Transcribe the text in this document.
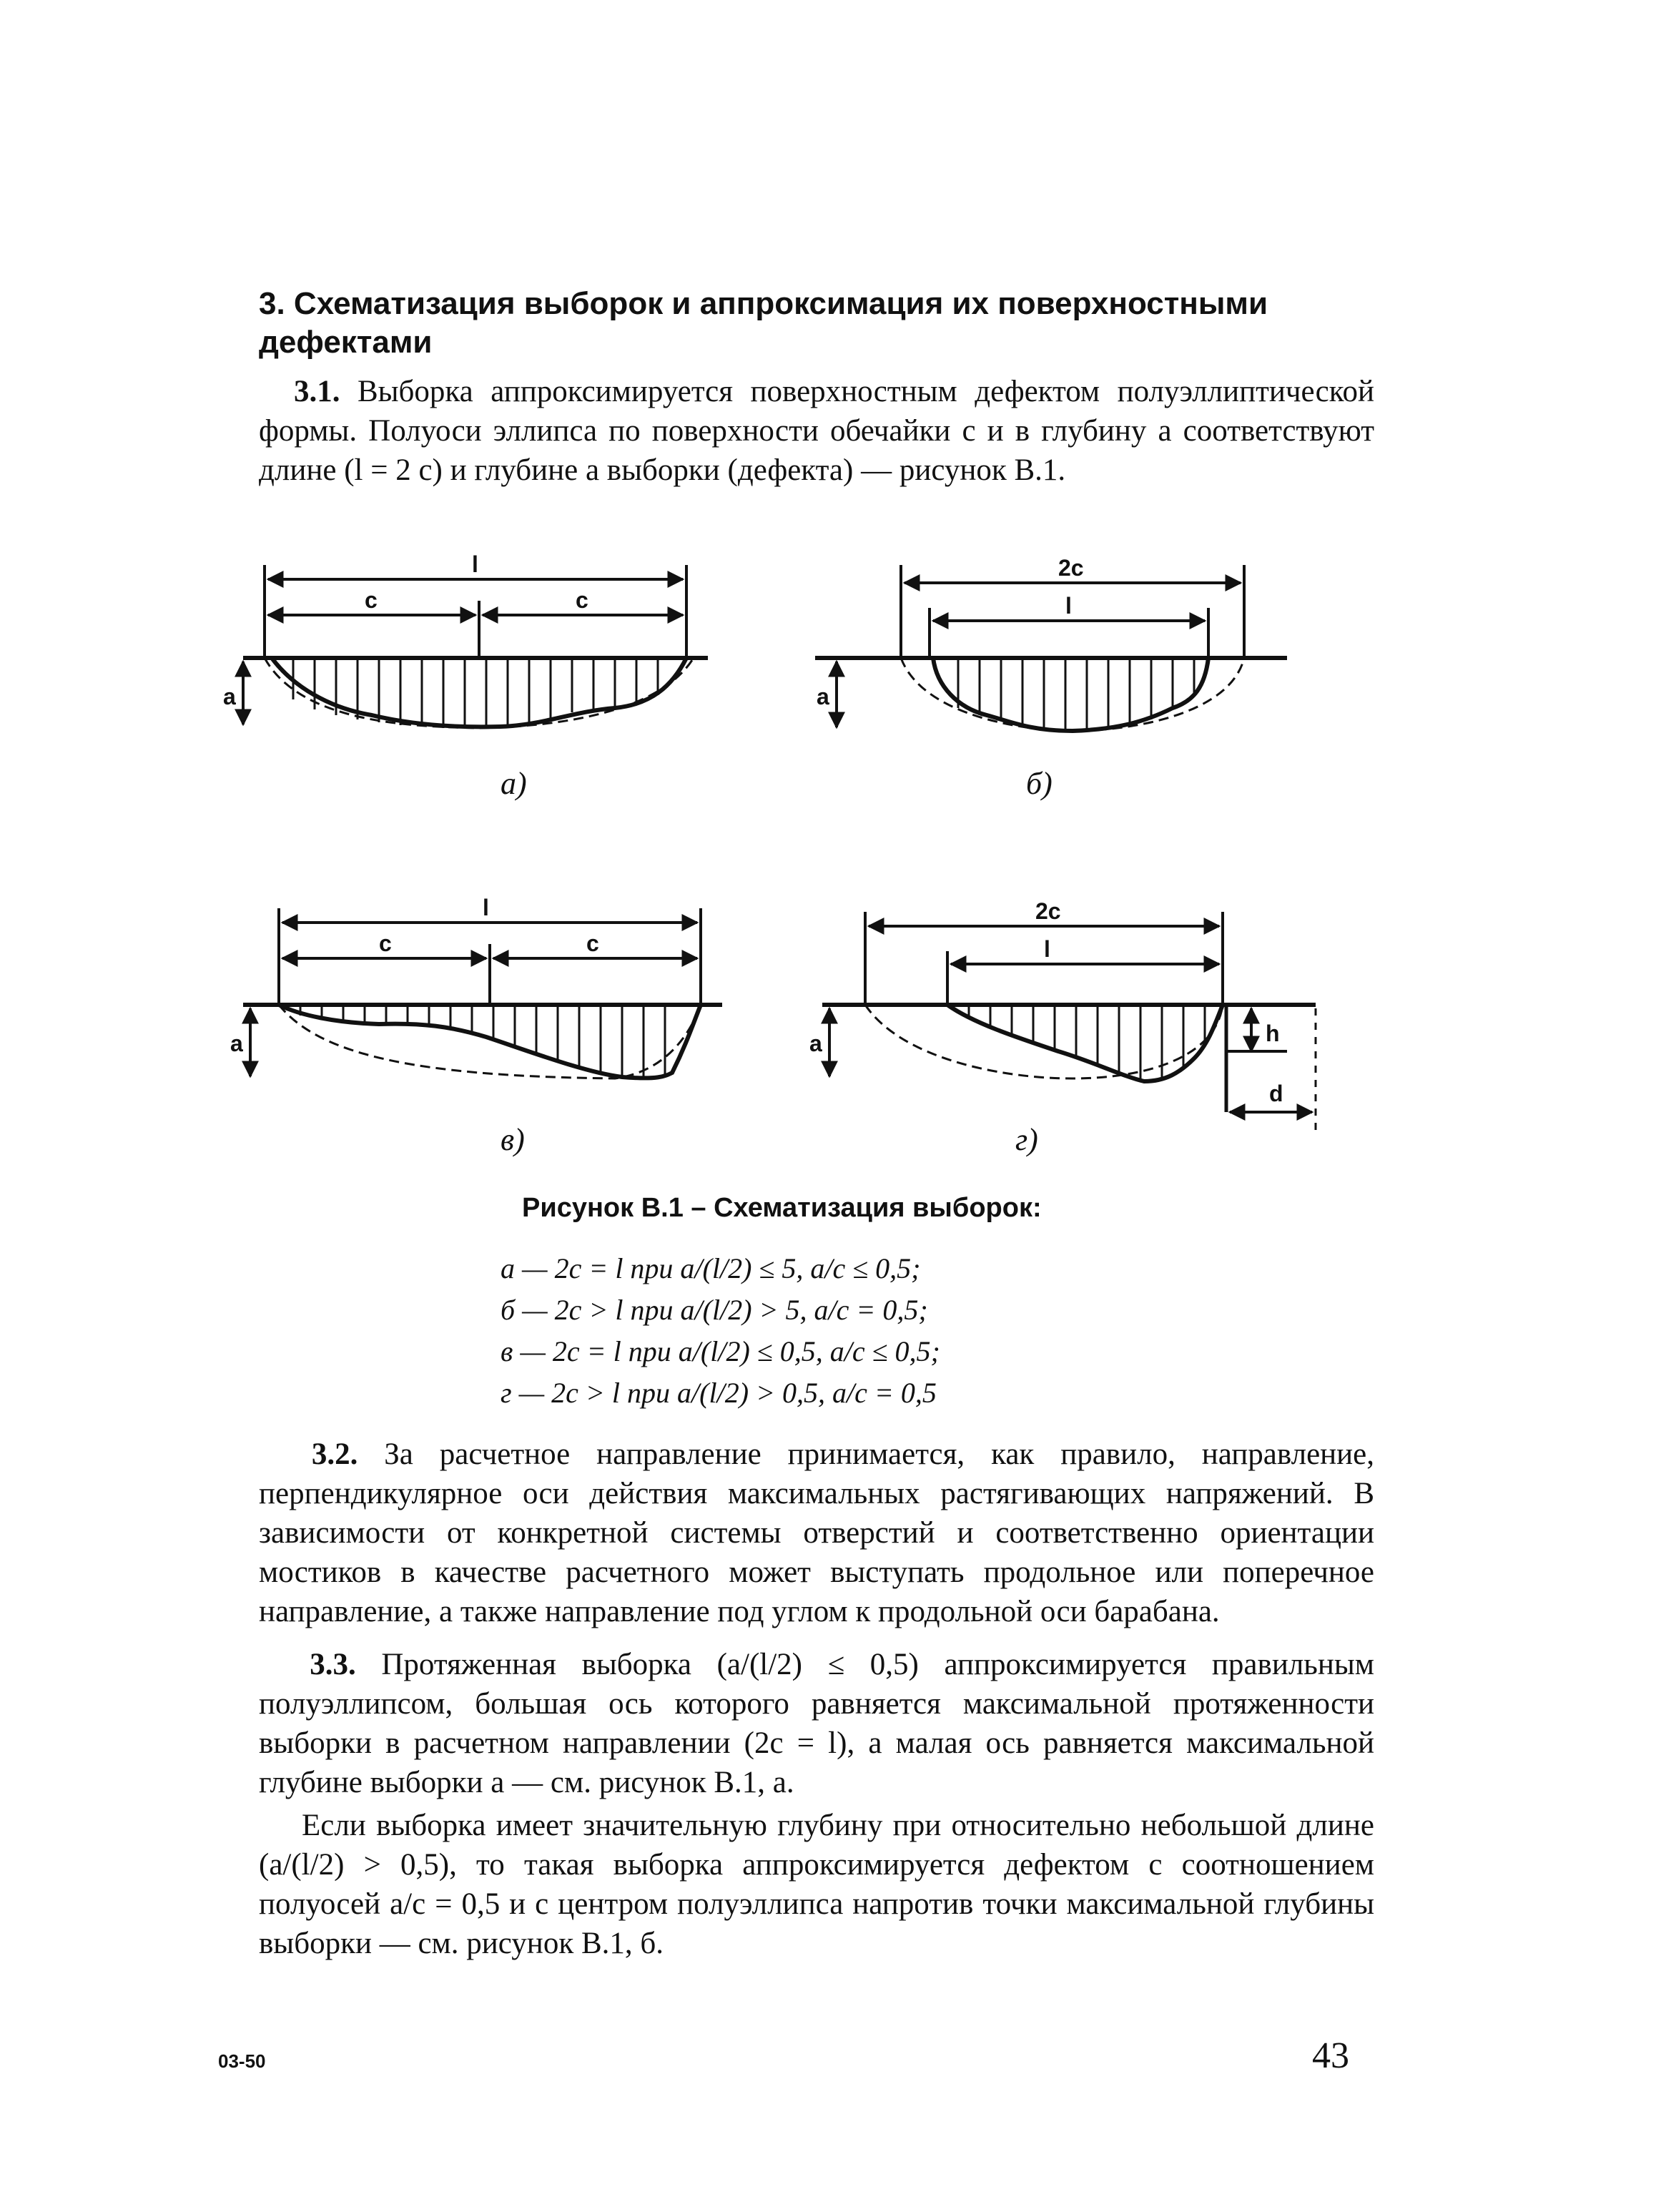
3. Схематизация выборок и аппроксимация их поверхностными дефектами
3.1. Выборка аппроксимируется поверхностным дефектом полуэллиптической формы. Полуоси эллипса по поверхности обечайки c и в глубину a соответствуют длине (l = 2 c) и глубине a выборки (дефекта) — рисунок В.1.
l
c	c
a
2c
l
a
l
c	c
a
2c
l
a	h
d
а)	б)
в)	г)
Рисунок В.1 – Схематизация выборок:
а — 2c = l при a/(l/2) ≤ 5, a/c ≤ 0,5;
б — 2c > l при a/(l/2) > 5, a/c = 0,5;
в — 2c = l при a/(l/2) ≤ 0,5, a/c ≤ 0,5;
г — 2c > l при a/(l/2) > 0,5, a/c = 0,5
3.2. За расчетное направление принимается, как правило, направление, перпендикулярное оси действия максимальных растягивающих напряжений. В зависимости от конкретной системы отверстий и соответственно ориентации мостиков в качестве расчетного может выступать продольное или поперечное направление, а также направление под углом к продольной оси барабана.
3.3. Протяженная выборка (a/(l/2) ≤ 0,5) аппроксимируется правильным полуэллипсом, большая ось которого равняется максимальной протяженности выборки в расчетном направлении (2c = l), а малая ось равняется максимальной глубине выборки a — см. рисунок В.1, а.
Если выборка имеет значительную глубину при относительно небольшой длине (a/(l/2) > 0,5), то такая выборка аппроксимируется дефектом с соотношением полуосей a/c = 0,5 и с центром полуэллипса напротив точки максимальной глубины выборки — см. рисунок В.1, б.
03-50	43
